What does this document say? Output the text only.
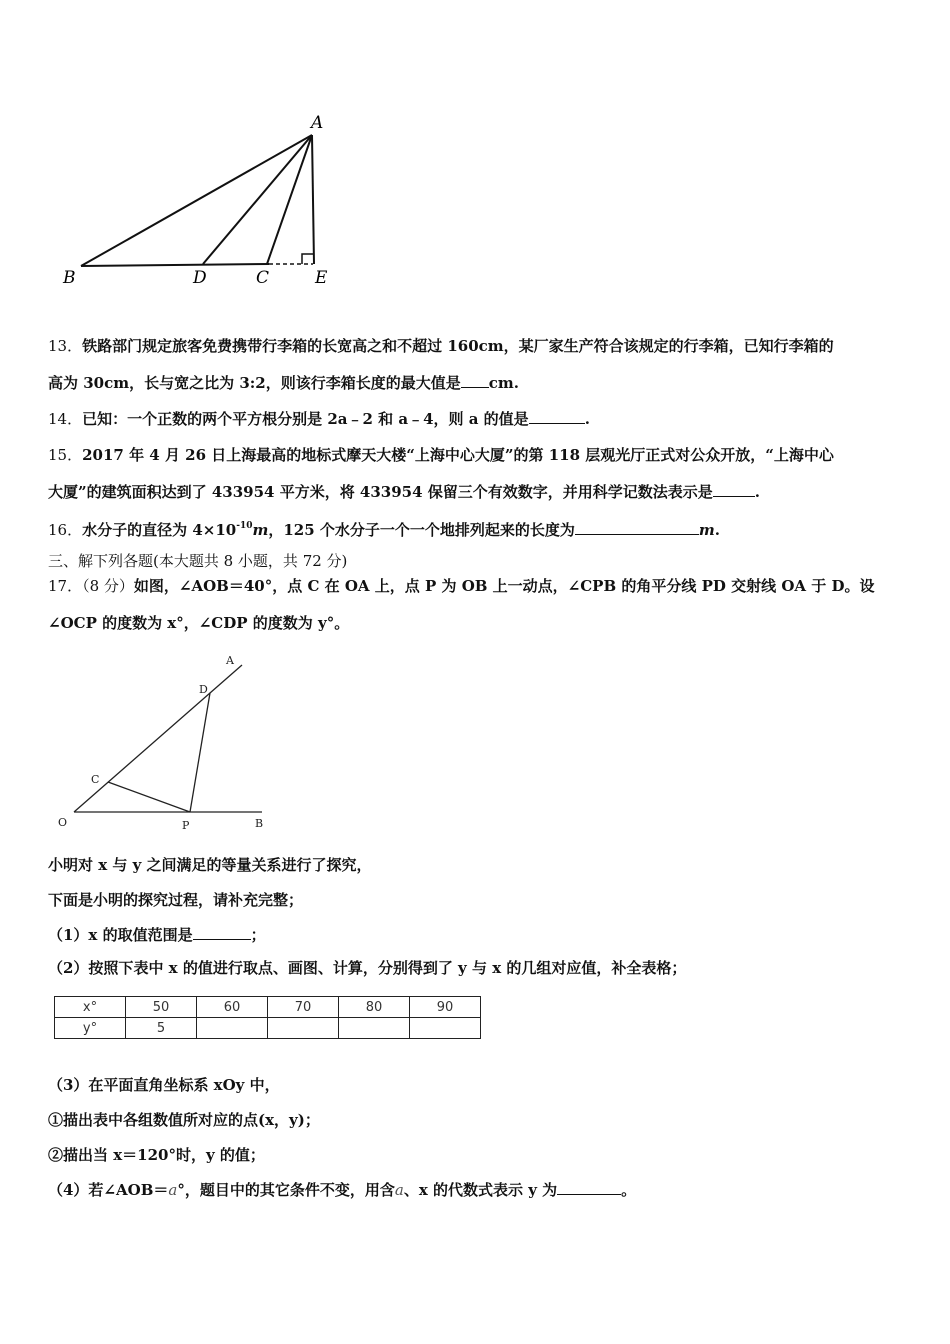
A
B	D	C	E
13．铁路部门规定旅客免费携带行李箱的长宽高之和不超过 160cm，某厂家生产符合该规定的行李箱，已知行李箱的
高为 30cm，长与宽之比为 3:2，则该行李箱长度的最大值是 cm.
14．已知：一个正数的两个平方根分别是 2a﹣2 和 a﹣4，则 a 的值是	.
15．2017 年 4 月 26 日上海最高的地标式摩天大楼“上海中心大厦”的第 118 层观光厅正式对公众开放，“上海中心
大厦”的建筑面积达到了 433954 平方米，将 433954 保留三个有效数字，并用科学记数法表示是	.
16．水分子的直径为 $4\times 10^{-10}m$，125 个水分子一个一个地排列起来的长度为	m.
三、解下列各题(本大题共 8 小题，共 72 分)
17．（8 分）如图，∠AOB＝40°，点 C 在 OA 上，点 P 为 OB 上一动点，∠CPB 的角平分线 PD 交射线 OA 于 D。设
∠OCP 的度数为 x°，∠CDP 的度数为 y°。
A
D
C
O	P	B
小明对 x 与 y 之间满足的等量关系进行了探究，
下面是小明的探究过程，请补充完整；
（1）x 的取值范围是	；
（2）按照下表中 x 的值进行取点、画图、计算，分别得到了 y 与 x 的几组对应值，补全表格；
x°	50	60	70	80	90
y°	5				
（3）在平面直角坐标系 xOy 中，
①描出表中各组数值所对应的点(x，y)；
②描出当 x＝120°时，y 的值；
（4）若∠AOB＝a°，题目中的其它条件不变，用含a、x 的代数式表示 y 为	。
